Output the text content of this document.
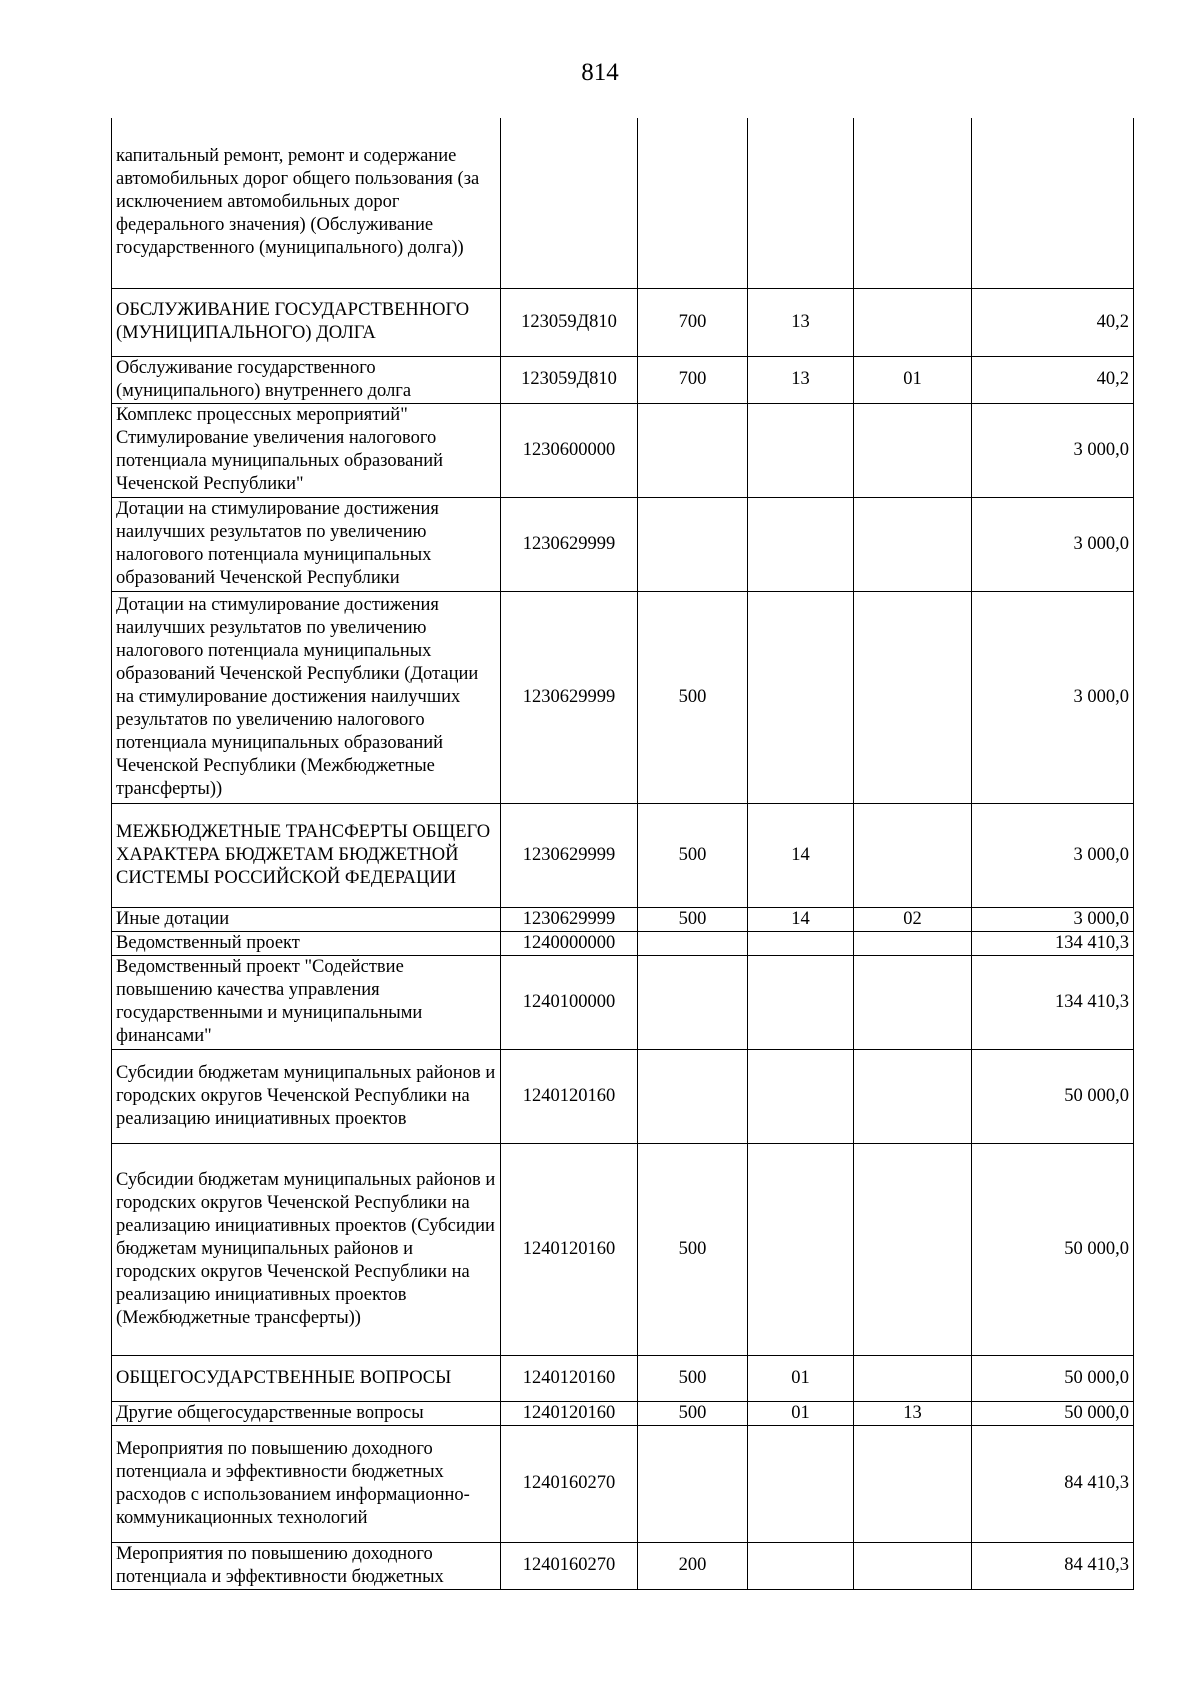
814
капитальный ремонт, ремонт и содержание автомобильных дорог общего пользования (за исключением автомобильных дорог федерального значения) (Обслуживание государственного (муниципального) долга))					
ОБСЛУЖИВАНИЕ ГОСУДАРСТВЕННОГО (МУНИЦИПАЛЬНОГО) ДОЛГА	123059Д810	700	13		40,2
Обслуживание государственного (муниципального) внутреннего долга	123059Д810	700	13	01	40,2
Комплекс процессных мероприятий" Стимулирование увеличения налогового потенциала муниципальных образований Чеченской Республики"	1230600000				3 000,0
Дотации на стимулирование достижения наилучших результатов по увеличению налогового потенциала муниципальных образований Чеченской Республики	1230629999				3 000,0
Дотации на стимулирование достижения наилучших результатов по увеличению налогового потенциала муниципальных образований Чеченской Республики (Дотации на стимулирование достижения наилучших результатов по увеличению налогового потенциала муниципальных образований Чеченской Республики (Межбюджетные трансферты))	1230629999	500			3 000,0
МЕЖБЮДЖЕТНЫЕ ТРАНСФЕРТЫ ОБЩЕГО ХАРАКТЕРА БЮДЖЕТАМ БЮДЖЕТНОЙ СИСТЕМЫ РОССИЙСКОЙ ФЕДЕРАЦИИ	1230629999	500	14		3 000,0
Иные дотации	1230629999	500	14	02	3 000,0
Ведомственный проект	1240000000				134 410,3
Ведомственный проект "Содействие повышению качества управления государственными и муниципальными финансами"	1240100000				134 410,3
Субсидии бюджетам муниципальных районов и городских округов Чеченской Республики на реализацию инициативных проектов	1240120160				50 000,0
Субсидии бюджетам муниципальных районов и городских округов Чеченской Республики на реализацию инициативных проектов (Субсидии бюджетам муниципальных районов и городских округов Чеченской Республики на реализацию инициативных проектов (Межбюджетные трансферты))	1240120160	500			50 000,0
ОБЩЕГОСУДАРСТВЕННЫЕ ВОПРОСЫ	1240120160	500	01		50 000,0
Другие общегосударственные вопросы	1240120160	500	01	13	50 000,0
Мероприятия по повышению доходного потенциала и эффективности бюджетных расходов с использованием информационно-коммуникационных технологий	1240160270				84 410,3
Мероприятия по повышению доходного потенциала и эффективности бюджетных	1240160270	200			84 410,3
